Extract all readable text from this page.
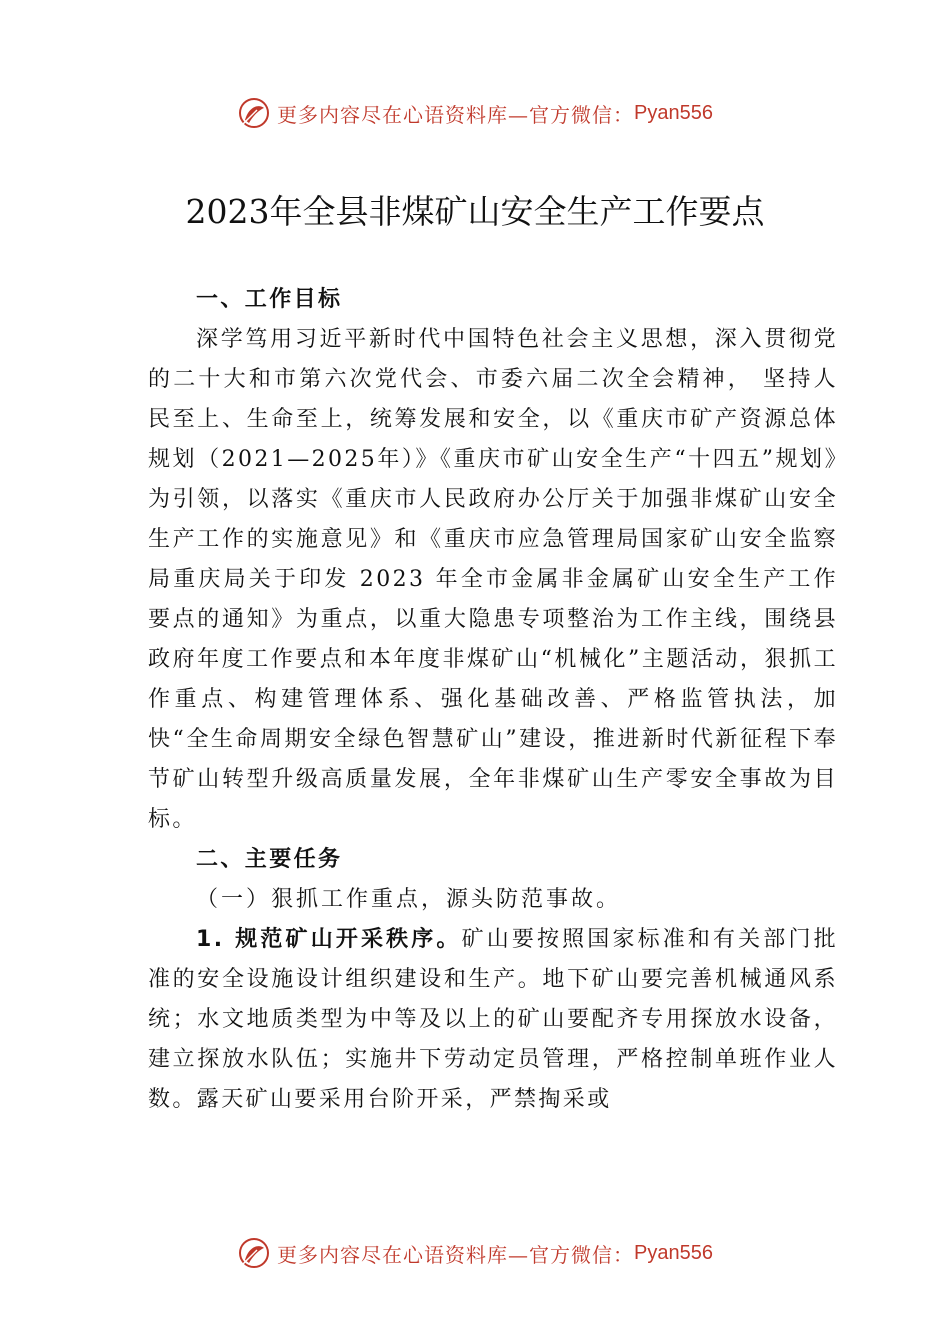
更多内容尽在心语资料库—官方微信： Pyan556
2023年全县非煤矿山安全生产工作要点

一、工作目标

深学笃用习近平新时代中国特色社会主义思想，深入贯彻党的二十大和市第六次党代会、市委六届二次全会精神， 坚持人民至上、生命至上，统筹发展和安全，以《重庆市矿产资源总体规划（2021—2025年）》《重庆市矿山安全生产“十四五”规划》为引领，以落实《重庆市人民政府办公厅关于加强非煤矿山安全生产工作的实施意见》和《重庆市应急管理局国家矿山安全监察局重庆局关于印发 2023 年全市金属非金属矿山安全生产工作要点的通知》为重点，以重大隐患专项整治为工作主线，围绕县政府年度工作要点和本年度非煤矿山“机械化”主题活动，狠抓工作重点、构建管理体系、强化基础改善、严格监管执法，加快“全生命周期安全绿色智慧矿山”建设，推进新时代新征程下奉节矿山转型升级高质量发展，全年非煤矿山生产零安全事故为目标。

二、主要任务

（一）狠抓工作重点，源头防范事故。

1. 规范矿山开采秩序。矿山要按照国家标准和有关部门批准的安全设施设计组织建设和生产。地下矿山要完善机械通风系统；水文地质类型为中等及以上的矿山要配齐专用探放水设备，建立探放水队伍；实施井下劳动定员管理，严格控制单班作业人数。露天矿山要采用台阶开采，严禁掏采或

更多内容尽在心语资料库—官方微信： Pyan556
